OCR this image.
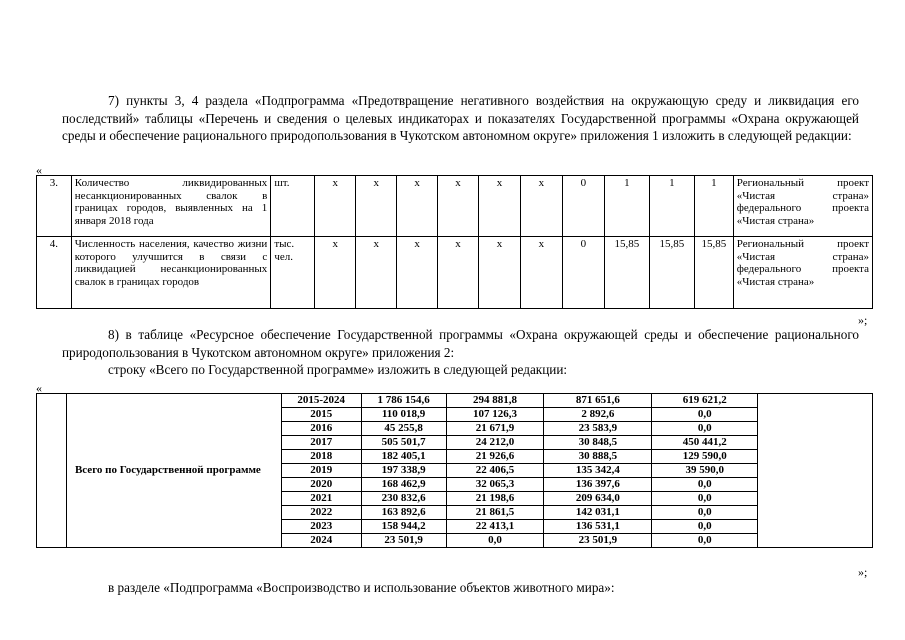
7) пункты 3, 4 раздела «Подпрограмма «Предотвращение негативного воздействия на окружающую среду и ликвидация его последствий» таблицы «Перечень и сведения о целевых индикаторах и показателях Государственной программы «Охрана окружающей среды и обеспечение рационального природопользования в Чукотском автономном округе» приложения 1 изложить в следующей редакции:
«
3.	Количество ликвидированных несанкционированных свалок в границах городов, выявленных на 1 января 2018 года	шт.	x	x	x	x	x	x	0	1	1	1	Региональный проект «Чистая страна» федерального проекта «Чистая страна»
4.	Численность населения, качество жизни которого улучшится в связи с ликвидацией несанкционированных свалок в границах городов	тыс. чел.	x	x	x	x	x	x	0	15,85	15,85	15,85	Региональный проект «Чистая страна» федерального проекта «Чистая страна»
»;
8) в таблице «Ресурсное обеспечение Государственной программы «Охрана окружающей среды и обеспечение рационального природопользования в Чукотском автономном округе» приложения 2:
строку «Всего по Государственной программе» изложить в следующей редакции:
«
	Всего по Государственной программе	2015-2024	1 786 154,6	294 881,8	871 651,6	619 621,2	
		2015	110 018,9	107 126,3	2 892,6	0,0	
		2016	45 255,8	21 671,9	23 583,9	0,0	
		2017	505 501,7	24 212,0	30 848,5	450 441,2	
		2018	182 405,1	21 926,6	30 888,5	129 590,0	
		2019	197 338,9	22 406,5	135 342,4	39 590,0	
		2020	168 462,9	32 065,3	136 397,6	0,0	
		2021	230 832,6	21 198,6	209 634,0	0,0	
		2022	163 892,6	21 861,5	142 031,1	0,0	
		2023	158 944,2	22 413,1	136 531,1	0,0	
		2024	23 501,9	0,0	23 501,9	0,0	
»;
в разделе «Подпрограмма «Воспроизводство и использование объектов животного мира»:
